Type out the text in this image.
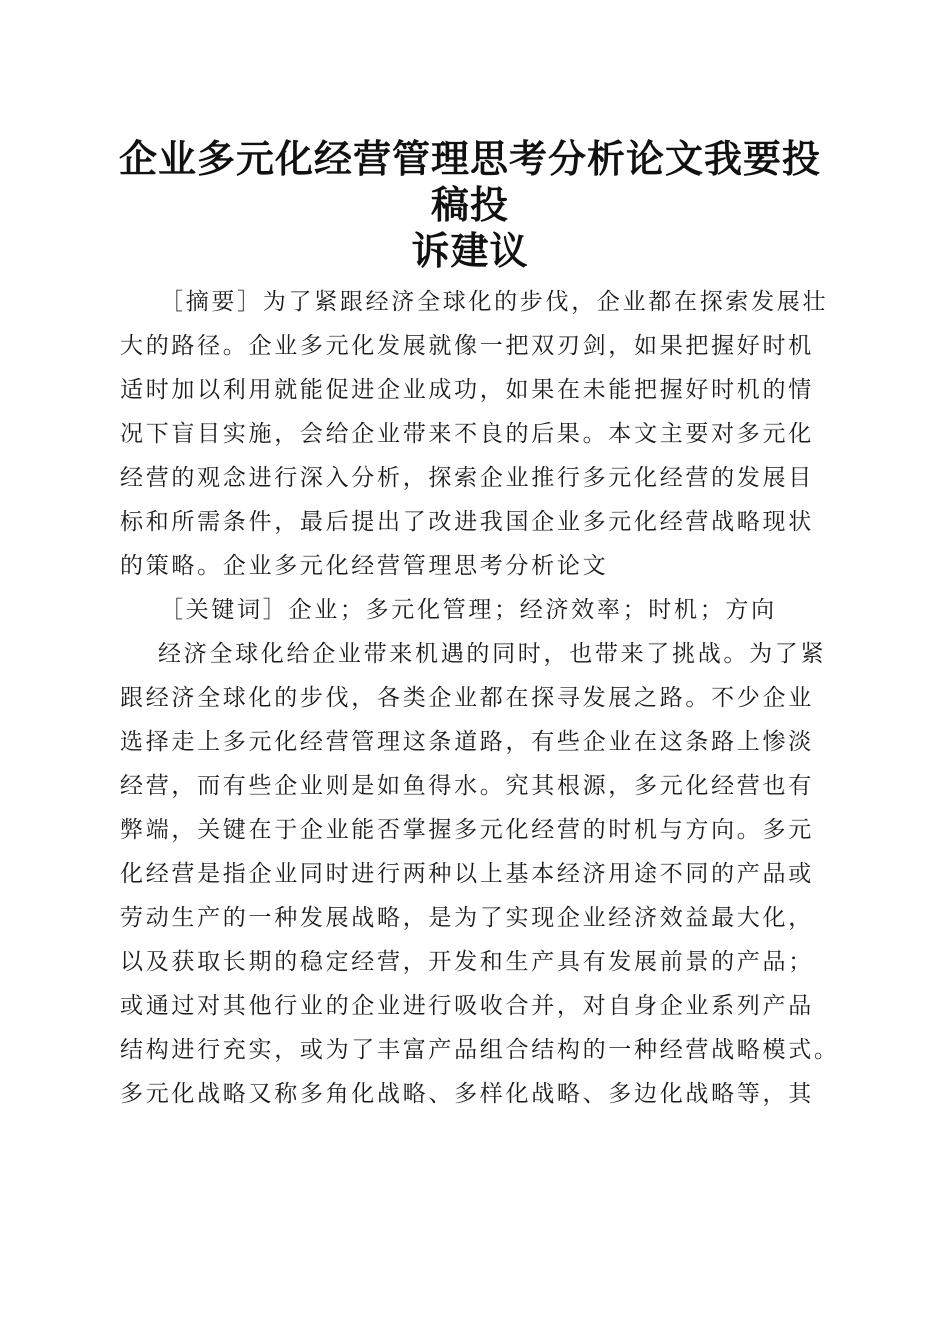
企业多元化经营管理思考分析论文我要投稿投
诉建议
［摘要］为了紧跟经济全球化的步伐，企业都在探索发展壮
大的路径。企业多元化发展就像一把双刃剑，如果把握好时机
适时加以利用就能促进企业成功，如果在未能把握好时机的情
况下盲目实施，会给企业带来不良的后果。本文主要对多元化
经营的观念进行深入分析，探索企业推行多元化经营的发展目
标和所需条件，最后提出了改进我国企业多元化经营战略现状
的策略。企业多元化经营管理思考分析论文
［关键词］企业；多元化管理；经济效率；时机；方向
经济全球化给企业带来机遇的同时，也带来了挑战。为了紧
跟经济全球化的步伐，各类企业都在探寻发展之路。不少企业
选择走上多元化经营管理这条道路，有些企业在这条路上惨淡
经营，而有些企业则是如鱼得水。究其根源，多元化经营也有
弊端，关键在于企业能否掌握多元化经营的时机与方向。多元
化经营是指企业同时进行两种以上基本经济用途不同的产品或
劳动生产的一种发展战略，是为了实现企业经济效益最大化，
以及获取长期的稳定经营，开发和生产具有发展前景的产品；
或通过对其他行业的企业进行吸收合并，对自身企业系列产品
结构进行充实，或为了丰富产品组合结构的一种经营战略模式。
多元化战略又称多角化战略、多样化战略、多边化战略等，其
